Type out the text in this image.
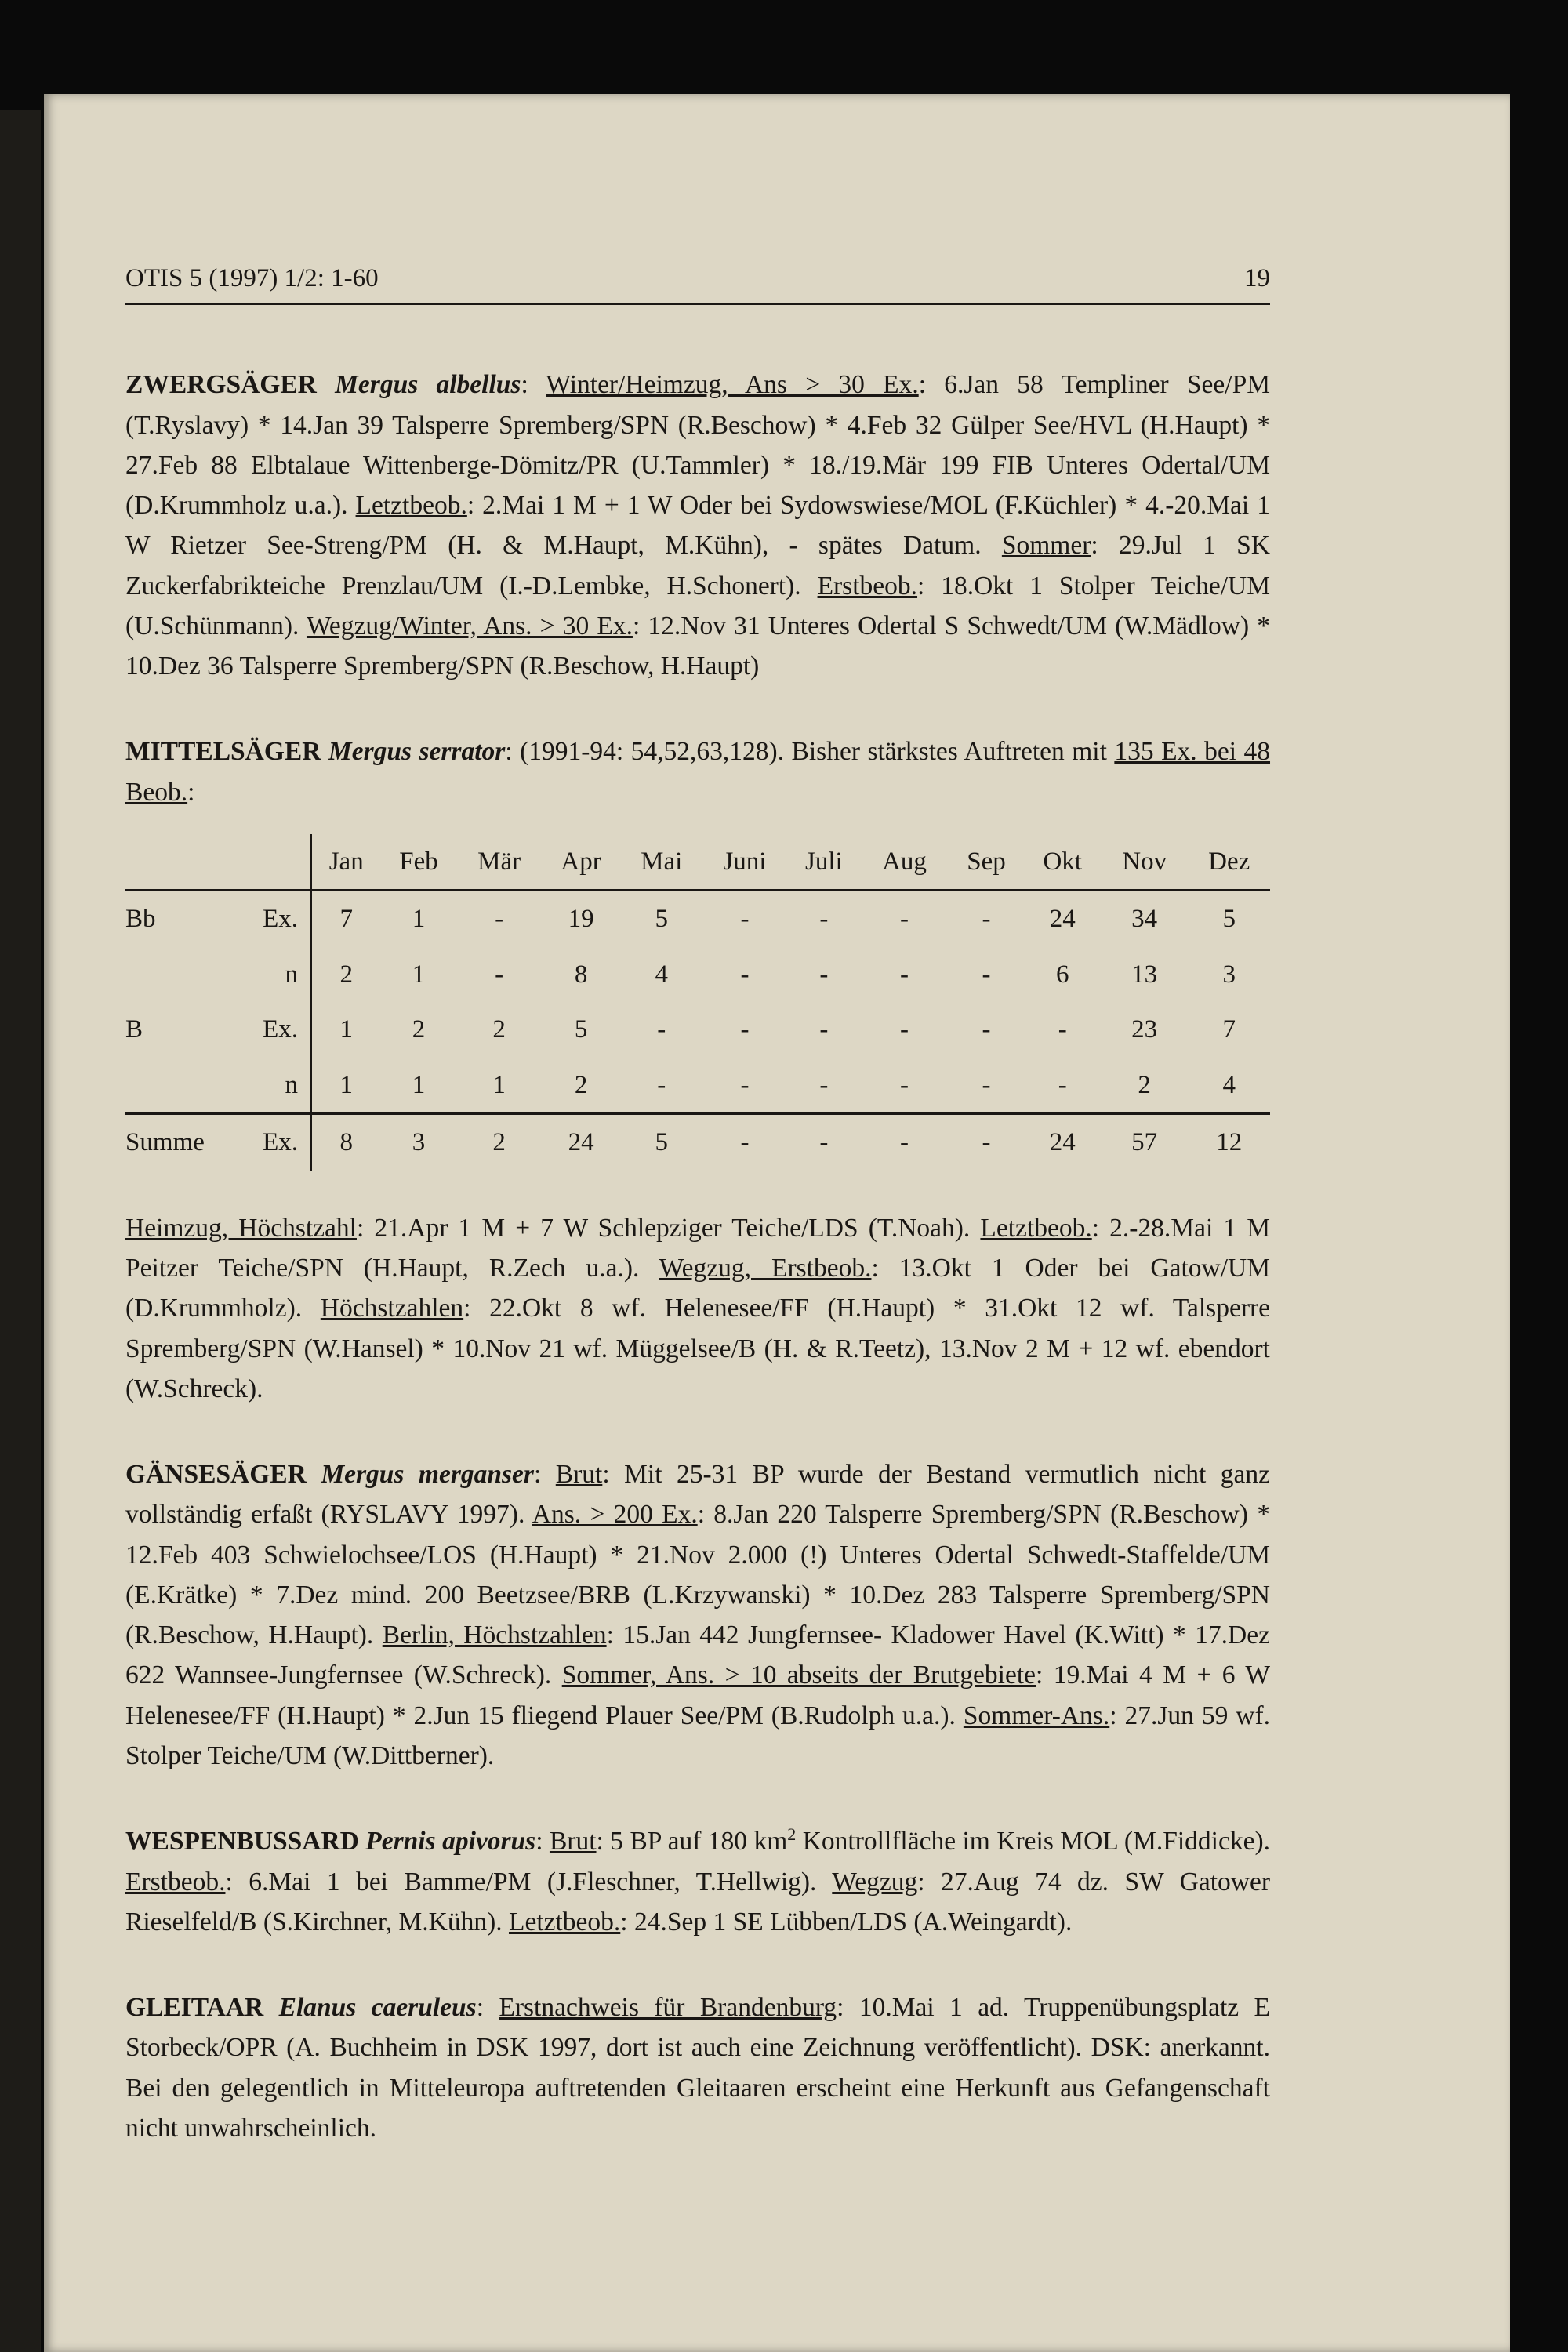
OTIS 5 (1997) 1/2: 1-60	19

ZWERGSÄGER Mergus albellus: Winter/Heimzug, Ans > 30 Ex.: 6.Jan 58 Templiner See/PM (T.Ryslavy) * 14.Jan 39 Talsperre Spremberg/SPN (R.Beschow) * 4.Feb 32 Gülper See/HVL (H.Haupt) * 27.Feb 88 Elbtalaue Wittenberge-Dömitz/PR (U.Tammler) * 18./19.Mär 199 FIB Unteres Odertal/UM (D.Krummholz u.a.). Letztbeob.: 2.Mai 1 M + 1 W Oder bei Sydowswiese/MOL (F.Küchler) * 4.-20.Mai 1 W Rietzer See-Streng/PM (H. & M.Haupt, M.Kühn), - spätes Datum. Sommer: 29.Jul 1 SK Zuckerfabrikteiche Prenzlau/UM (I.-D.Lembke, H.Schonert). Erstbeob.: 18.Okt 1 Stolper Teiche/UM (U.Schünmann). Wegzug/Winter, Ans. > 30 Ex.: 12.Nov 31 Unteres Odertal S Schwedt/UM (W.Mädlow) * 10.Dez 36 Talsperre Spremberg/SPN (R.Beschow, H.Haupt)

MITTELSÄGER Mergus serrator: (1991-94: 54,52,63,128). Bisher stärkstes Auftreten mit 135 Ex. bei 48 Beob.:

		Jan	Feb	Mär	Apr	Mai	Juni	Juli	Aug	Sep	Okt	Nov	Dez
Bb	Ex.	7	1	-	19	5	-	-	-	-	24	34	5
	n	2	1	-	8	4	-	-	-	-	6	13	3
B	Ex.	1	2	2	5	-	-	-	-	-	-	23	7
	n	1	1	1	2	-	-	-	-	-	-	2	4
Summe	Ex.	8	3	2	24	5	-	-	-	-	24	57	12

Heimzug, Höchstzahl: 21.Apr 1 M + 7 W Schlepziger Teiche/LDS (T.Noah). Letztbeob.: 2.-28.Mai 1 M Peitzer Teiche/SPN (H.Haupt, R.Zech u.a.). Wegzug, Erstbeob.: 13.Okt 1 Oder bei Gatow/UM (D.Krummholz). Höchstzahlen: 22.Okt 8 wf. Helenesee/FF (H.Haupt) * 31.Okt 12 wf. Talsperre Spremberg/SPN (W.Hansel) * 10.Nov 21 wf. Müggelsee/B (H. & R.Teetz), 13.Nov 2 M + 12 wf. ebendort (W.Schreck).

GÄNSESÄGER Mergus merganser: Brut: Mit 25-31 BP wurde der Bestand vermutlich nicht ganz vollständig erfaßt (RYSLAVY 1997). Ans. > 200 Ex.: 8.Jan 220 Talsperre Spremberg/SPN (R.Beschow) * 12.Feb 403 Schwielochsee/LOS (H.Haupt) * 21.Nov 2.000 (!) Unteres Odertal Schwedt-Staffelde/UM (E.Krätke) * 7.Dez mind. 200 Beetzsee/BRB (L.Krzywanski) * 10.Dez 283 Talsperre Spremberg/SPN (R.Beschow, H.Haupt). Berlin, Höchstzahlen: 15.Jan 442 Jungfernsee- Kladower Havel (K.Witt) * 17.Dez 622 Wannsee-Jungfernsee (W.Schreck). Sommer, Ans. > 10 abseits der Brutgebiete: 19.Mai 4 M + 6 W Helenesee/FF (H.Haupt) * 2.Jun 15 fliegend Plauer See/PM (B.Rudolph u.a.). Sommer-Ans.: 27.Jun 59 wf. Stolper Teiche/UM (W.Dittberner).

WESPENBUSSARD Pernis apivorus: Brut: 5 BP auf 180 $km^2$ Kontrollfläche im Kreis MOL (M.Fiddicke). Erstbeob.: 6.Mai 1 bei Bamme/PM (J.Fleschner, T.Hellwig). Wegzug: 27.Aug 74 dz. SW Gatower Rieselfeld/B (S.Kirchner, M.Kühn). Letztbeob.: 24.Sep 1 SE Lübben/LDS (A.Weingardt).

GLEITAAR Elanus caeruleus: Erstnachweis für Brandenburg: 10.Mai 1 ad. Truppenübungsplatz E Storbeck/OPR (A. Buchheim in DSK 1997, dort ist auch eine Zeichnung veröffentlicht). DSK: anerkannt. Bei den gelegentlich in Mitteleuropa auftretenden Gleitaaren erscheint eine Herkunft aus Gefangenschaft nicht unwahrscheinlich.
